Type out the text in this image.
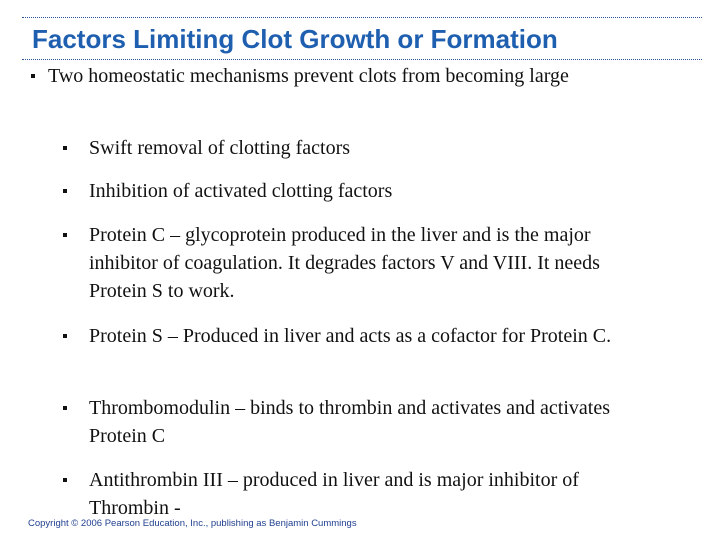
Factors Limiting Clot Growth or Formation
Two homeostatic mechanisms prevent clots from becoming large
Swift removal of clotting factors
Inhibition of activated clotting factors
Protein C – glycoprotein produced in the liver and is the major inhibitor of coagulation. It degrades factors V and VIII. It needs Protein S to work.
Protein S – Produced in liver and acts as a cofactor for Protein C.
Thrombomodulin – binds to thrombin and activates and activates Protein C
Antithrombin III – produced in liver and is major inhibitor of Thrombin -
Copyright © 2006 Pearson Education, Inc., publishing as Benjamin Cummings
